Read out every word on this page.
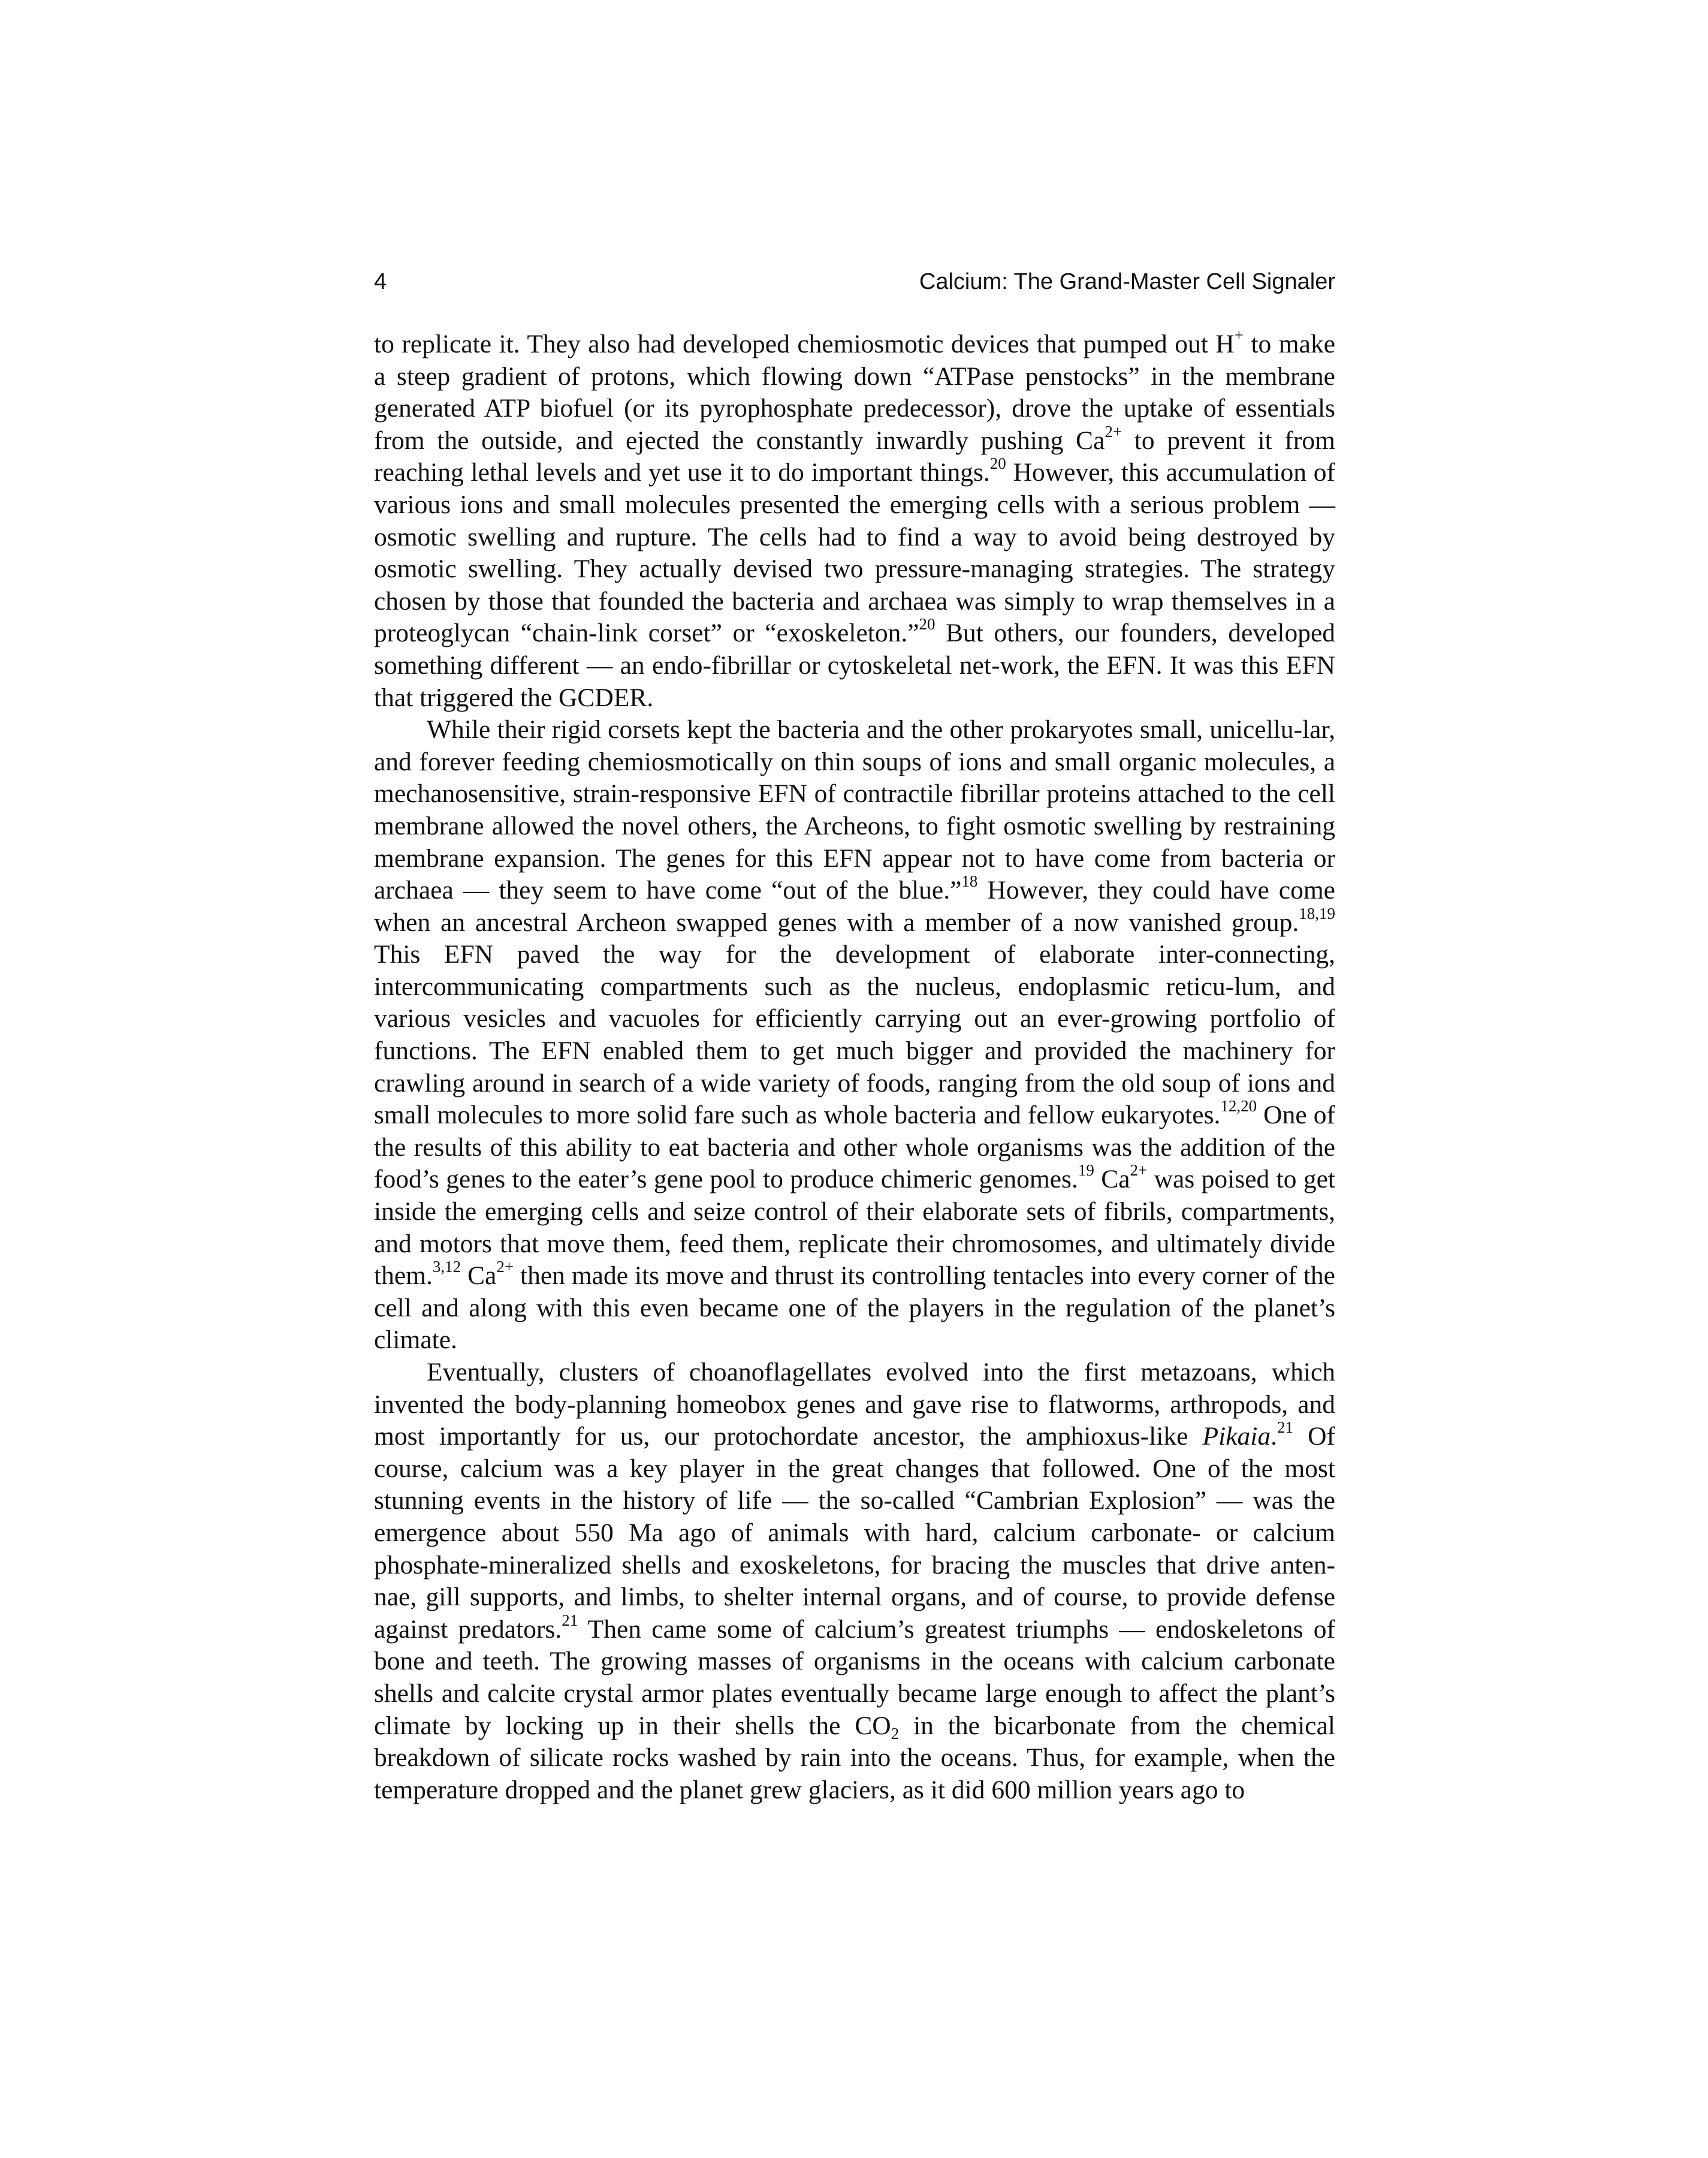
4	Calcium: The Grand-Master Cell Signaler

to replicate it. They also had developed chemiosmotic devices that pumped out H+ to make a steep gradient of protons, which flowing down “ATPase penstocks” in the membrane generated ATP biofuel (or its pyrophosphate predecessor), drove the uptake of essentials from the outside, and ejected the constantly inwardly pushing $Ca^{2+}$ to prevent it from reaching lethal levels and yet use it to do important things.$^{20}$ However, this accumulation of various ions and small molecules presented the emerging cells with a serious problem — osmotic swelling and rupture. The cells had to find a way to avoid being destroyed by osmotic swelling. They actually devised two pressure-managing strategies. The strategy chosen by those that founded the bacteria and archaea was simply to wrap themselves in a proteoglycan “chain-link corset” or “exoskeleton.”$^{20}$ But others, our founders, developed something different — an endo-fibrillar or cytoskeletal net-work, the EFN. It was this EFN that triggered the GCDER.

While their rigid corsets kept the bacteria and the other prokaryotes small, unicellu-lar, and forever feeding chemiosmotically on thin soups of ions and small organic molecules, a mechanosensitive, strain-responsive EFN of contractile fibrillar proteins attached to the cell membrane allowed the novel others, the Archeons, to fight osmotic swelling by restraining membrane expansion. The genes for this EFN appear not to have come from bacteria or archaea — they seem to have come “out of the blue.”$^{18}$ However, they could have come when an ancestral Archeon swapped genes with a member of a now vanished group.$^{18,19}$ This EFN paved the way for the development of elaborate inter-connecting, intercommunicating compartments such as the nucleus, endoplasmic reticu-lum, and various vesicles and vacuoles for efficiently carrying out an ever-growing portfolio of functions. The EFN enabled them to get much bigger and provided the machinery for crawling around in search of a wide variety of foods, ranging from the old soup of ions and small molecules to more solid fare such as whole bacteria and fellow eukaryotes.$^{12,20}$ One of the results of this ability to eat bacteria and other whole organisms was the addition of the food’s genes to the eater’s gene pool to produce chimeric genomes.$^{19}$ $Ca^{2+}$ was poised to get inside the emerging cells and seize control of their elaborate sets of fibrils, compartments, and motors that move them, feed them, replicate their chromosomes, and ultimately divide them.$^{3,12}$ $Ca^{2+}$ then made its move and thrust its controlling tentacles into every corner of the cell and along with this even became one of the players in the regulation of the planet’s climate.

Eventually, clusters of choanoflagellates evolved into the first metazoans, which invented the body-planning homeobox genes and gave rise to flatworms, arthropods, and most importantly for us, our protochordate ancestor, the amphioxus-like Pikaia.$^{21}$ Of course, calcium was a key player in the great changes that followed. One of the most stunning events in the history of life — the so-called “Cambrian Explosion” — was the emergence about 550 Ma ago of animals with hard, calcium carbonate- or calcium phosphate-mineralized shells and exoskeletons, for bracing the muscles that drive anten-nae, gill supports, and limbs, to shelter internal organs, and of course, to provide defense against predators.$^{21}$ Then came some of calcium’s greatest triumphs — endoskeletons of bone and teeth. The growing masses of organisms in the oceans with calcium carbonate shells and calcite crystal armor plates eventually became large enough to affect the plant’s climate by locking up in their shells the $CO_2$ in the bicarbonate from the chemical breakdown of silicate rocks washed by rain into the oceans. Thus, for example, when the temperature dropped and the planet grew glaciers, as it did 600 million years ago to
